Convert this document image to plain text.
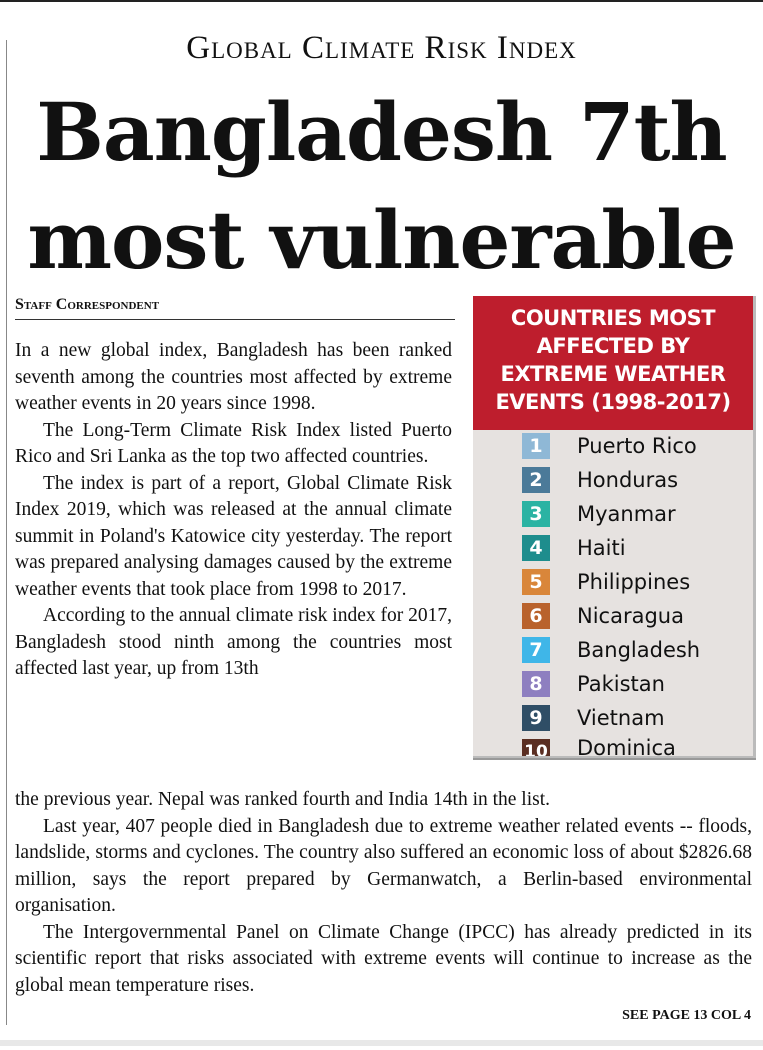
Global Climate Risk Index
Bangladesh 7th
most vulnerable
Staff Correspondent

In a new global index, Bangladesh has been ranked seventh among the countries most affected by extreme weather events in 20 years since 1998.

The Long-Term Climate Risk Index listed Puerto Rico and Sri Lanka as the top two affected countries.

The index is part of a report, Global Climate Risk Index 2019, which was released at the annual climate summit in Poland's Katowice city yesterday. The report was prepared analysing damages caused by the extreme weather events that took place from 1998 to 2017.

According to the annual climate risk index for 2017, Bangladesh stood ninth among the countries most affected last year, up from 13th

COUNTRIES MOST
AFFECTED BY
EXTREME WEATHER
EVENTS (1998-2017)
1	Puerto Rico
2	Honduras
3	Myanmar
4	Haiti
5	Philippines
6	Nicaragua
7	Bangladesh
8	Pakistan
9	Vietnam
10 Dominica

the previous year. Nepal was ranked fourth and India 14th in the list.

Last year, 407 people died in Bangladesh due to extreme weather related events -- floods, landslide, storms and cyclones. The country also suffered an economic loss of about $2826.68 million, says the report prepared by Germanwatch, a Berlin-based environmental organisation.

The Intergovernmental Panel on Climate Change (IPCC) has already predicted in its scientific report that risks associated with extreme events will continue to increase as the global mean temperature rises.

SEE PAGE 13 COL 4
